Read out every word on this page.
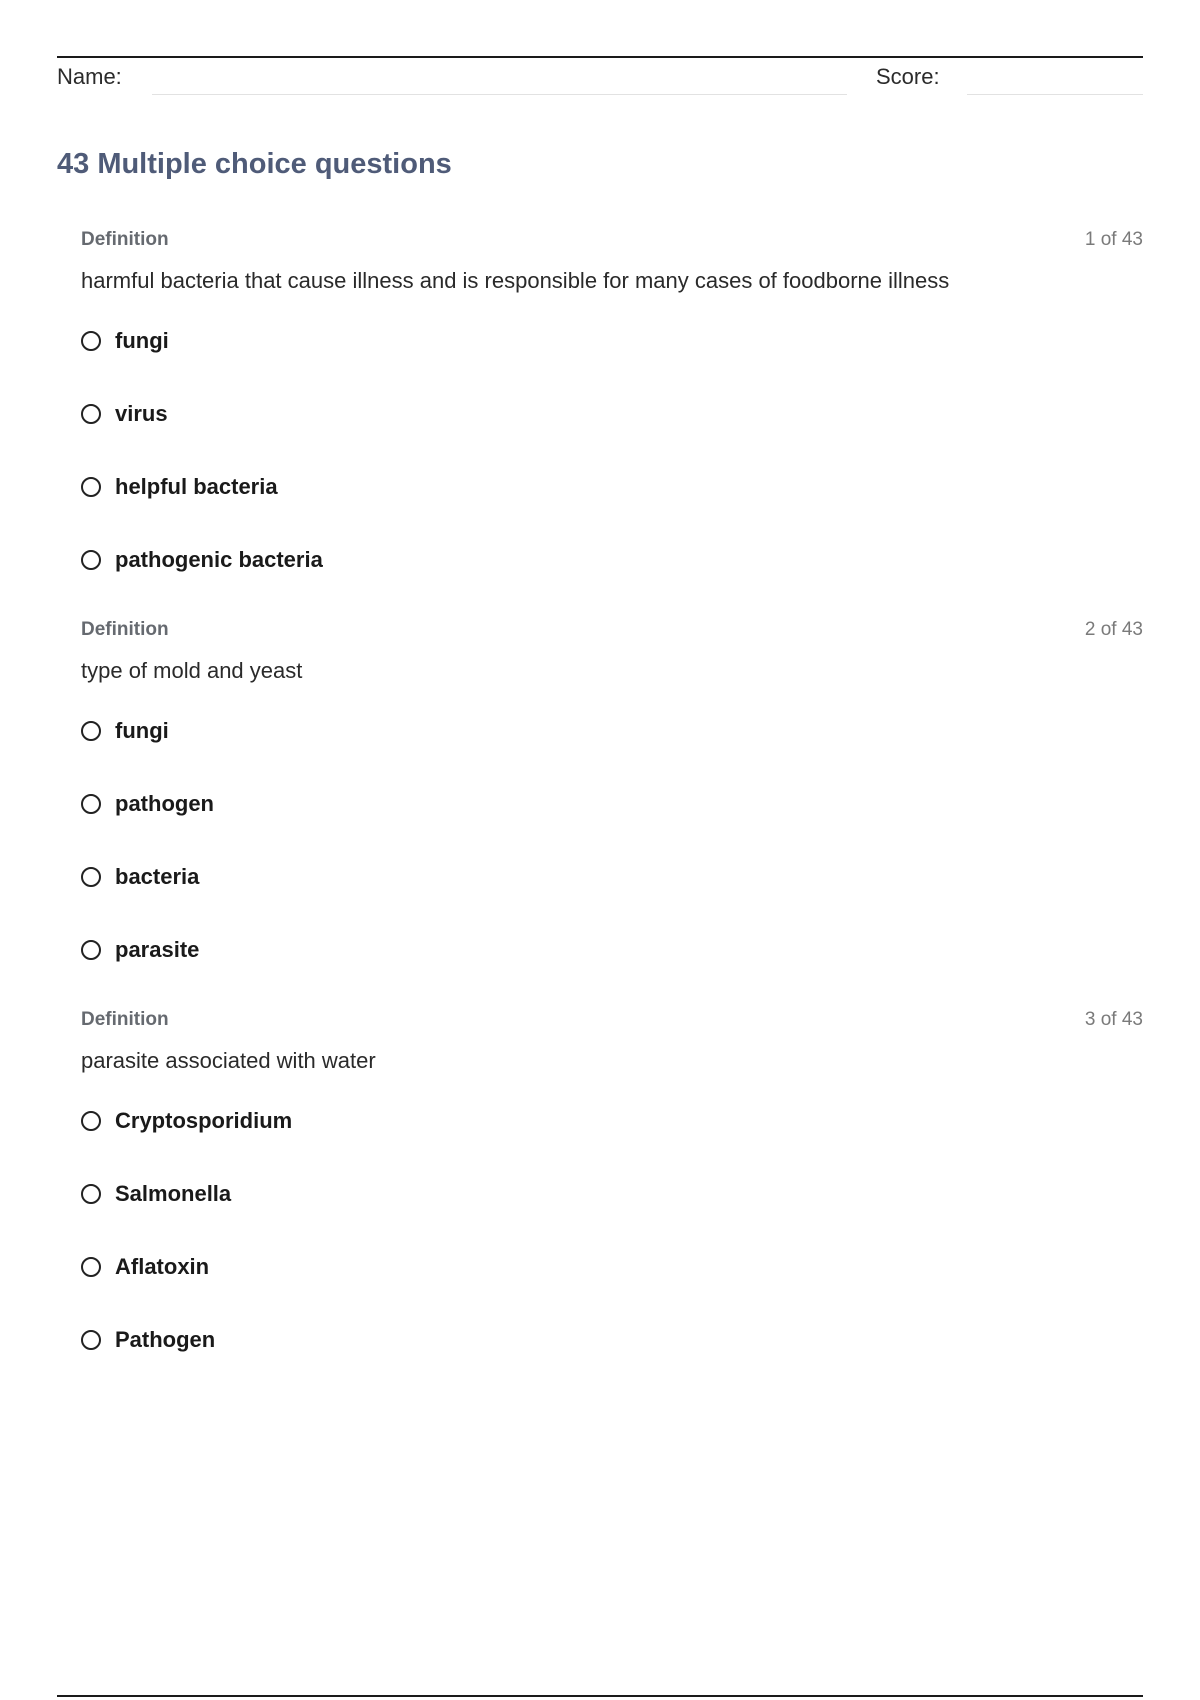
Name:	Score:
43 Multiple choice questions
Definition	1 of 43
harmful bacteria that cause illness and is responsible for many cases of foodborne illness
fungi
virus
helpful bacteria
pathogenic bacteria
Definition	2 of 43
type of mold and yeast
fungi
pathogen
bacteria
parasite
Definition	3 of 43
parasite associated with water
Cryptosporidium
Salmonella
Aflatoxin
Pathogen
